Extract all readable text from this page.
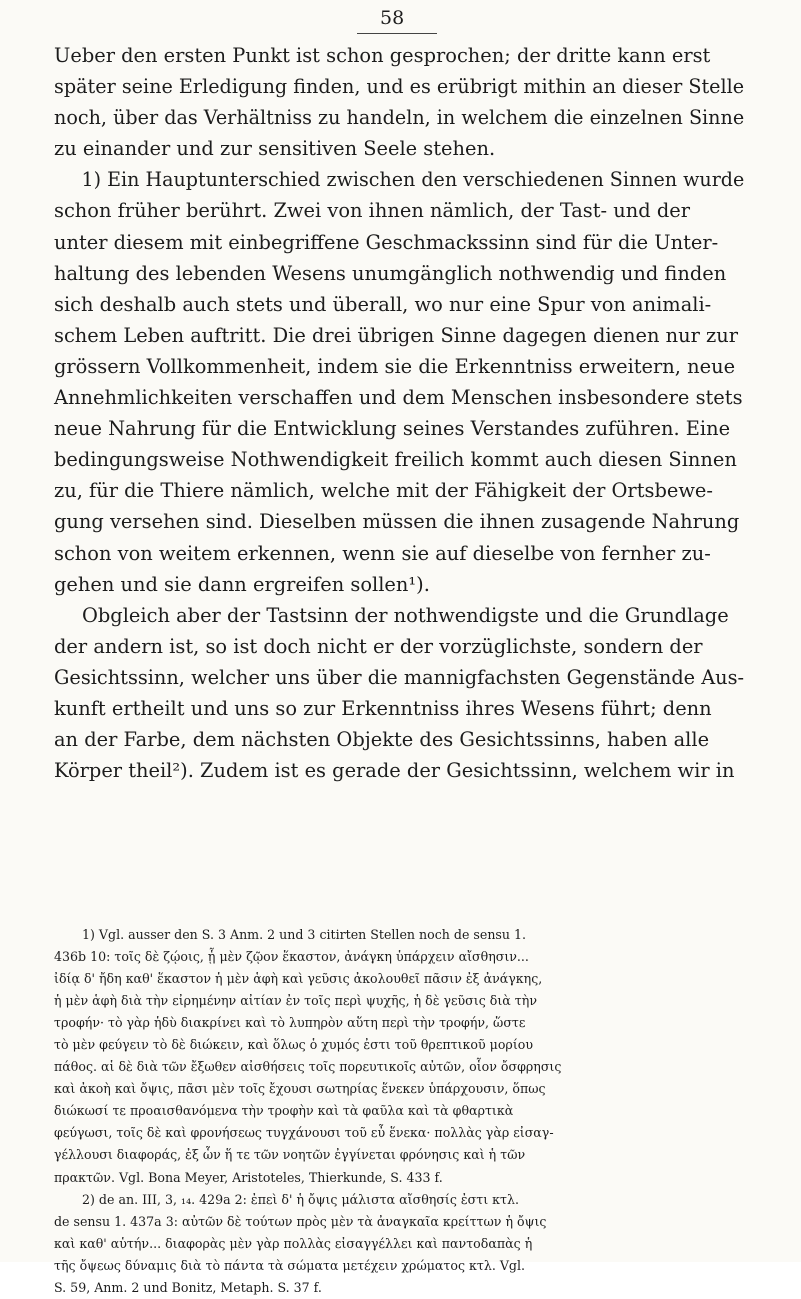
58
Ueber den ersten Punkt ist schon gesprochen; der dritte kann erst
später seine Erledigung finden, und es erübrigt mithin an dieser Stelle
noch, über das Verhältniss zu handeln, in welchem die einzelnen Sinne
zu einander und zur sensitiven Seele stehen.
1) Ein Hauptunterschied zwischen den verschiedenen Sinnen wurde
schon früher berührt. Zwei von ihnen nämlich, der Tast- und der
unter diesem mit einbegriffene Geschmackssinn sind für die Unter-
haltung des lebenden Wesens unumgänglich nothwendig und finden
sich deshalb auch stets und überall, wo nur eine Spur von animali-
schem Leben auftritt. Die drei übrigen Sinne dagegen dienen nur zur
grössern Vollkommenheit, indem sie die Erkenntniss erweitern, neue
Annehmlichkeiten verschaffen und dem Menschen insbesondere stets
neue Nahrung für die Entwicklung seines Verstandes zuführen. Eine
bedingungsweise Nothwendigkeit freilich kommt auch diesen Sinnen
zu, für die Thiere nämlich, welche mit der Fähigkeit der Ortsbewe-
gung versehen sind. Dieselben müssen die ihnen zusagende Nahrung
schon von weitem erkennen, wenn sie auf dieselbe von fernher zu-
gehen und sie dann ergreifen sollen¹).
Obgleich aber der Tastsinn der nothwendigste und die Grundlage
der andern ist, so ist doch nicht er der vorzüglichste, sondern der
Gesichtssinn, welcher uns über die mannigfachsten Gegenstände Aus-
kunft ertheilt und uns so zur Erkenntniss ihres Wesens führt; denn
an der Farbe, dem nächsten Objekte des Gesichtssinns, haben alle
Körper theil²). Zudem ist es gerade der Gesichtssinn, welchem wir in
1) Vgl. ausser den S. 3 Anm. 2 und 3 citirten Stellen noch de sensu 1.
436b 10: τοῖς δὲ ζῴοις, ᾗ μὲν ζῷον ἕκαστον, ἀνάγκη ὑπάρχειν αἴσθησιν...
ἰδίᾳ δ' ἤδη καθ' ἕκαστον ἡ μὲν ἁφὴ καὶ γεῦσις ἀκολουθεῖ πᾶσιν ἐξ ἀνάγκης,
ἡ μὲν ἁφὴ διὰ τὴν εἰρημένην αἰτίαν ἐν τοῖς περὶ ψυχῆς, ἡ δὲ γεῦσις διὰ τὴν
τροφήν· τὸ γὰρ ἡδὺ διακρίνει καὶ τὸ λυπηρὸν αὕτη περὶ τὴν τροφήν, ὥστε
τὸ μὲν φεύγειν τὸ δὲ διώκειν, καὶ ὅλως ὁ χυμός ἐστι τοῦ θρεπτικοῦ μορίου
πάθος. αἱ δὲ διὰ τῶν ἔξωθεν αἰσθήσεις τοῖς πορευτικοῖς αὐτῶν, οἷον ὄσφρησις
καὶ ἀκοὴ καὶ ὄψις, πᾶσι μὲν τοῖς ἔχουσι σωτηρίας ἕνεκεν ὑπάρχουσιν, ὅπως
διώκωσί τε προαισθανόμενα τὴν τροφὴν καὶ τὰ φαῦλα καὶ τὰ φθαρτικὰ
φεύγωσι, τοῖς δὲ καὶ φρονήσεως τυγχάνουσι τοῦ εὖ ἕνεκα· πολλὰς γὰρ εἰσαγ-
γέλλουσι διαφοράς, ἐξ ὧν ἥ τε τῶν νοητῶν ἐγγίνεται φρόνησις καὶ ἡ τῶν
πρακτῶν. Vgl. Bona Meyer, Aristoteles, Thierkunde, S. 433 f.
2) de an. III, 3, ₁₄. 429a 2: ἐπεὶ δ' ἡ ὄψις μάλιστα αἴσθησίς ἐστι κτλ.
de sensu 1. 437a 3: αὐτῶν δὲ τούτων πρὸς μὲν τὰ ἀναγκαῖα κρείττων ἡ ὄψις
καὶ καθ' αὑτήν... διαφορὰς μὲν γὰρ πολλὰς εἰσαγγέλλει καὶ παντοδαπὰς ἡ
τῆς ὄψεως δύναμις διὰ τὸ πάντα τὰ σώματα μετέχειν χρώματος κτλ. Vgl.
S. 59, Anm. 2 und Bonitz, Metaph. S. 37 f.
